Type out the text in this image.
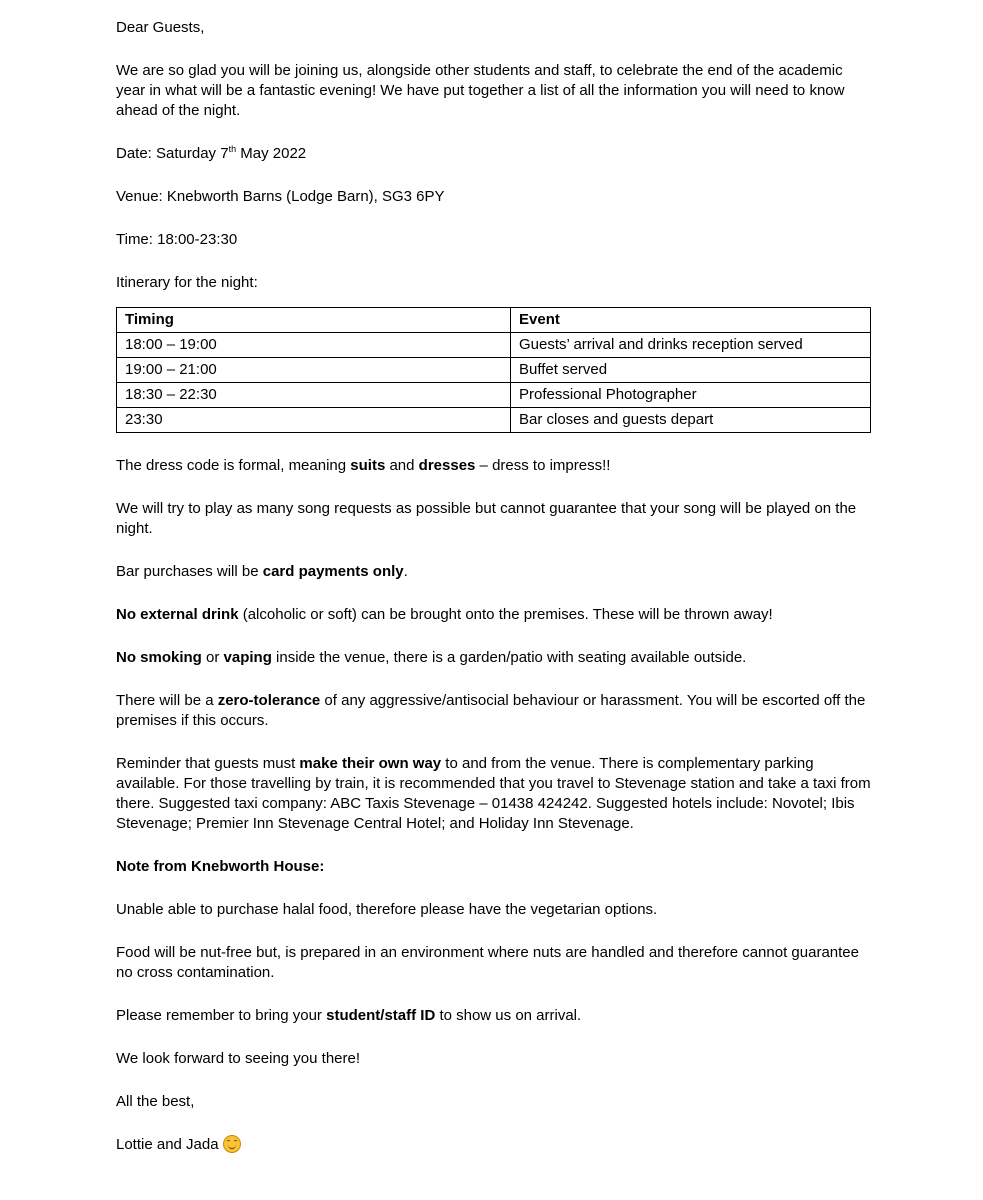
Dear Guests,

We are so glad you will be joining us, alongside other students and staff, to celebrate the end of the academic year in what will be a fantastic evening! We have put together a list of all the information you will need to know ahead of the night.

Date: Saturday 7th May 2022

Venue: Knebworth Barns (Lodge Barn), SG3 6PY

Time: 18:00-23:30

Itinerary for the night:

Timing	Event
18:00 – 19:00	Guests’ arrival and drinks reception served
19:00 – 21:00	Buffet served
18:30 – 22:30	Professional Photographer
23:30	Bar closes and guests depart

The dress code is formal, meaning suits and dresses – dress to impress!!

We will try to play as many song requests as possible but cannot guarantee that your song will be played on the night.

Bar purchases will be card payments only.

No external drink (alcoholic or soft) can be brought onto the premises. These will be thrown away!

No smoking or vaping inside the venue, there is a garden/patio with seating available outside.

There will be a zero-tolerance of any aggressive/antisocial behaviour or harassment. You will be escorted off the premises if this occurs.

Reminder that guests must make their own way to and from the venue. There is complementary parking available. For those travelling by train, it is recommended that you travel to Stevenage station and take a taxi from there. Suggested taxi company: ABC Taxis Stevenage – 01438 424242. Suggested hotels include: Novotel; Ibis Stevenage; Premier Inn Stevenage Central Hotel; and Holiday Inn Stevenage.

Note from Knebworth House:

Unable able to purchase halal food, therefore please have the vegetarian options.

Food will be nut-free but, is prepared in an environment where nuts are handled and therefore cannot guarantee no cross contamination.

Please remember to bring your student/staff ID to show us on arrival.

We look forward to seeing you there!

All the best,

Lottie and Jada
